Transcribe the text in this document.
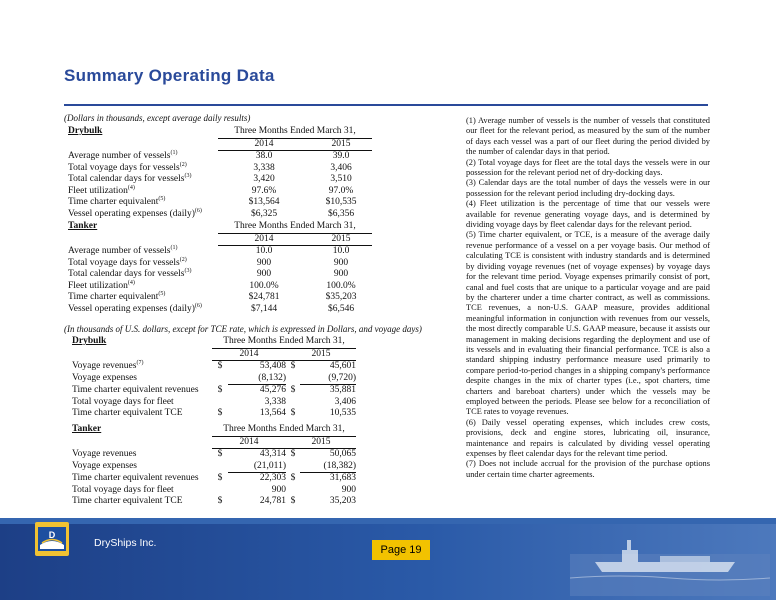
Summary Operating Data
(Dollars in thousands, except average daily results)
Drybulk	Three Months Ended March 31,	
	2014	2015
Average number of vessels$^{(1)}$	38.0	39.0
Total voyage days for vessels$^{(2)}$	3,338	3,406
Total calendar days for vessels$^{(3)}$	3,420	3,510
Fleet utilization$^{(4)}$	97.6%	97.0%
Time charter equivalent$^{(5)}$	$13,564	$10,535
Vessel operating expenses (daily)$^{(6)}$	$6,325	$6,356
Tanker	Three Months Ended March 31,	
	2014	2015
Average number of vessels$^{(1)}$	10.0	10.0
Total voyage days for vessels$^{(2)}$	900	900
Total calendar days for vessels$^{(3)}$	900	900
Fleet utilization$^{(4)}$	100.0%	100.0%
Time charter equivalent$^{(5)}$	$24,781	$35,203
Vessel operating expenses (daily)$^{(6)}$	$7,144	$6,546
(In thousands of U.S. dollars, except for TCE rate, which is expressed in Dollars, and voyage days)
Drybulk	Three Months Ended March 31,			
	2014		2015	
Voyage revenues$^{(7)}$	$	53,408	$	45,601
Voyage expenses		(8,132)		(9,720)
Time charter equivalent revenues	$	45,276	$	35,881
Total voyage days for fleet		3,338		3,406
Time charter equivalent TCE	$	13,564	$	10,535
Tanker	Three Months Ended March 31,			
	2014		2015	
Voyage revenues	$	43,314	$	50,065
Voyage expenses		(21,011)		(18,382)
Time charter equivalent revenues	$	22,303	$	31,683
Total voyage days for fleet		900		900
Time charter equivalent TCE	$	24,781	$	35,203

(1) Average number of vessels is the number of vessels that constituted our fleet for the relevant period, as measured by the sum of the number of days each vessel was a part of our fleet during the period divided by the number of calendar days in that period.

(2) Total voyage days for fleet are the total days the vessels were in our possession for the relevant period net of dry-docking days.

(3) Calendar days are the total number of days the vessels were in our possession for the relevant period including dry-docking days.

(4) Fleet utilization is the percentage of time that our vessels were available for revenue generating voyage days, and is determined by dividing voyage days by fleet calendar days for the relevant period.

(5) Time charter equivalent, or TCE, is a measure of the average daily revenue performance of a vessel on a per voyage basis. Our method of calculating TCE is consistent with industry standards and is determined by dividing voyage revenues (net of voyage expenses) by voyage days for the relevant time period. Voyage expenses primarily consist of port, canal and fuel costs that are unique to a particular voyage and are paid by the charterer under a time charter contract, as well as commissions. TCE revenues, a non-U.S. GAAP measure, provides additional meaningful information in conjunction with revenues from our vessels, the most directly comparable U.S. GAAP measure, because it assists our management in making decisions regarding the deployment and use of its vessels and in evaluating their financial performance. TCE is also a standard shipping industry performance measure used primarily to compare period-to-period changes in a shipping company's performance despite changes in the mix of charter types (i.e., spot charters, time charters and bareboat charters) under which the vessels may be employed between the periods. Please see below for a reconciliation of TCE rates to voyage revenues.

(6) Daily vessel operating expenses, which includes crew costs, provisions, deck and engine stores, lubricating oil, insurance, maintenance and repairs is calculated by dividing vessel operating expenses by fleet calendar days for the relevant time period.

(7) Does not include accrual for the provision of the purchase options under certain time charter agreements.

D
DryShips Inc.
Page 19
